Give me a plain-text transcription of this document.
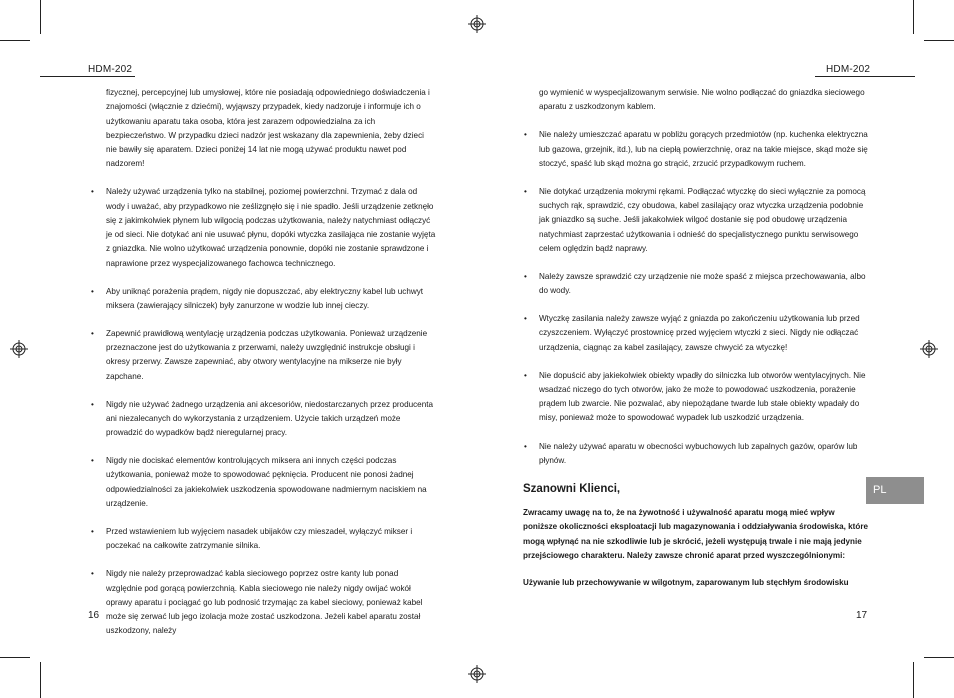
HDM-202
fizycznej, percepcyjnej lub umysłowej, które nie posiadają odpowiedniego doświadczenia i znajomości (włącznie z dziećmi), wyjąwszy przypadek, kiedy nadzoruje i informuje ich o użytkowaniu aparatu taka osoba, która jest zarazem odpowiedzialna za ich bezpieczeństwo. W przypadku dzieci nadzór jest wskazany dla zapewnienia, żeby dzieci nie bawiły się aparatem. Dzieci poniżej 14 lat nie mogą używać produktu nawet pod nadzorem!
• Należy używać urządzenia tylko na stabilnej, poziomej powierzchni. Trzymać z dala od wody i uważać, aby przypadkowo nie ześlizgnęło się i nie spadło. Jeśli urządzenie zetknęło się z jakimkolwiek płynem lub wilgocią podczas użytkowania, należy natychmiast odłączyć je od sieci. Nie dotykać ani nie usuwać płynu, dopóki wtyczka zasilająca nie zostanie wyjęta z gniazdka. Nie wolno użytkować urządzenia ponownie, dopóki nie zostanie sprawdzone i naprawione przez wyspecjalizowanego fachowca technicznego.
• Aby uniknąć porażenia prądem, nigdy nie dopuszczać, aby elektryczny kabel lub uchwyt miksera (zawierający silniczek) były zanurzone w wodzie lub innej cieczy.
• Zapewnić prawidłową wentylację urządzenia podczas użytkowania. Ponieważ urządzenie przeznaczone jest do użytkowania z przerwami, należy uwzględnić instrukcje obsługi i okresy przerwy. Zawsze zapewniać, aby otwory wentylacyjne na mikserze nie były zapchane.
• Nigdy nie używać żadnego urządzenia ani akcesoriów, niedostarczanych przez producenta ani niezalecanych do wykorzystania z urządzeniem. Użycie takich urządzeń może prowadzić do wypadków bądź nieregularnej pracy.
• Nigdy nie dociskać elementów kontrolujących miksera ani innych części podczas użytkowania, ponieważ może to spowodować pęknięcia. Producent nie ponosi żadnej odpowiedzialności za jakiekolwiek uszkodzenia spowodowane nadmiernym naciskiem na urządzenie.
• Przed wstawieniem lub wyjęciem nasadek ubijaków czy mieszadeł, wyłączyć mikser i poczekać na całkowite zatrzymanie silnika.
• Nigdy nie należy przeprowadzać kabla sieciowego poprzez ostre kanty lub ponad względnie pod gorącą powierzchnią. Kabla sieciowego nie należy nigdy owijać wokół oprawy aparatu i pociągać go lub podnosić trzymając za kabel sieciowy, ponieważ kabel może się zerwać lub jego izolacja może zostać uszkodzona. Jeżeli kabel aparatu został uszkodzony, należy
16
HDM-202
17
PL
go wymienić w wyspecjalizowanym serwisie. Nie wolno podłączać do gniazdka sieciowego aparatu z uszkodzonym kablem.
• Nie należy umieszczać aparatu w pobliżu gorących przedmiotów (np. kuchenka elektryczna lub gazowa, grzejnik, itd.), lub na ciepłą powierzchnię, oraz na takie miejsce, skąd może się stoczyć, spaść lub skąd można go strącić, zrzucić przypadkowym ruchem.
• Nie dotykać urządzenia mokrymi rękami. Podłączać wtyczkę do sieci wyłącznie za pomocą suchych rąk, sprawdzić, czy obudowa, kabel zasilający oraz wtyczka urządzenia podobnie jak gniazdko są suche. Jeśli jakakolwiek wilgoć dostanie się pod obudowę urządzenia natychmiast zaprzestać użytkowania i odnieść do specjalistycznego punktu serwisowego celem oględzin bądź naprawy.
• Należy zawsze sprawdzić czy urządzenie nie może spaść z miejsca przechowawania, albo do wody.
• Wtyczkę zasilania należy zawsze wyjąć z gniazda po zakończeniu użytkowania lub przed czyszczeniem. Wyłączyć prostownicę przed wyjęciem wtyczki z sieci. Nigdy nie odłączać urządzenia, ciągnąc za kabel zasilający, zawsze chwycić za wtyczkę!
• Nie dopuścić aby jakiekolwiek obiekty wpadły do silniczka lub otworów wentylacyjnych. Nie wsadzać niczego do tych otworów, jako że może to powodować uszkodzenia, porażenie prądem lub zwarcie. Nie pozwalać, aby niepożądane twarde lub stałe obiekty wpadały do misy, ponieważ może to spowodować wypadek lub uszkodzić urządzenia.
• Nie należy używać aparatu w obecności wybuchowych lub zapalnych gazów, oparów lub płynów.
Szanowni Klienci,
Zwracamy uwagę na to, że na żywotność i używalność aparatu mogą mieć wpływ poniższe okoliczności eksploatacji lub magazynowania i oddziaływania środowiska, które mogą wpłynąć na nie szkodliwie lub je skrócić, jeżeli występują trwale i nie mają jedynie przejściowego charakteru. Należy zawsze chronić aparat przed wyszczególnionymi:
Używanie lub przechowywanie w wilgotnym, zaparowanym lub stęchłym środowisku
